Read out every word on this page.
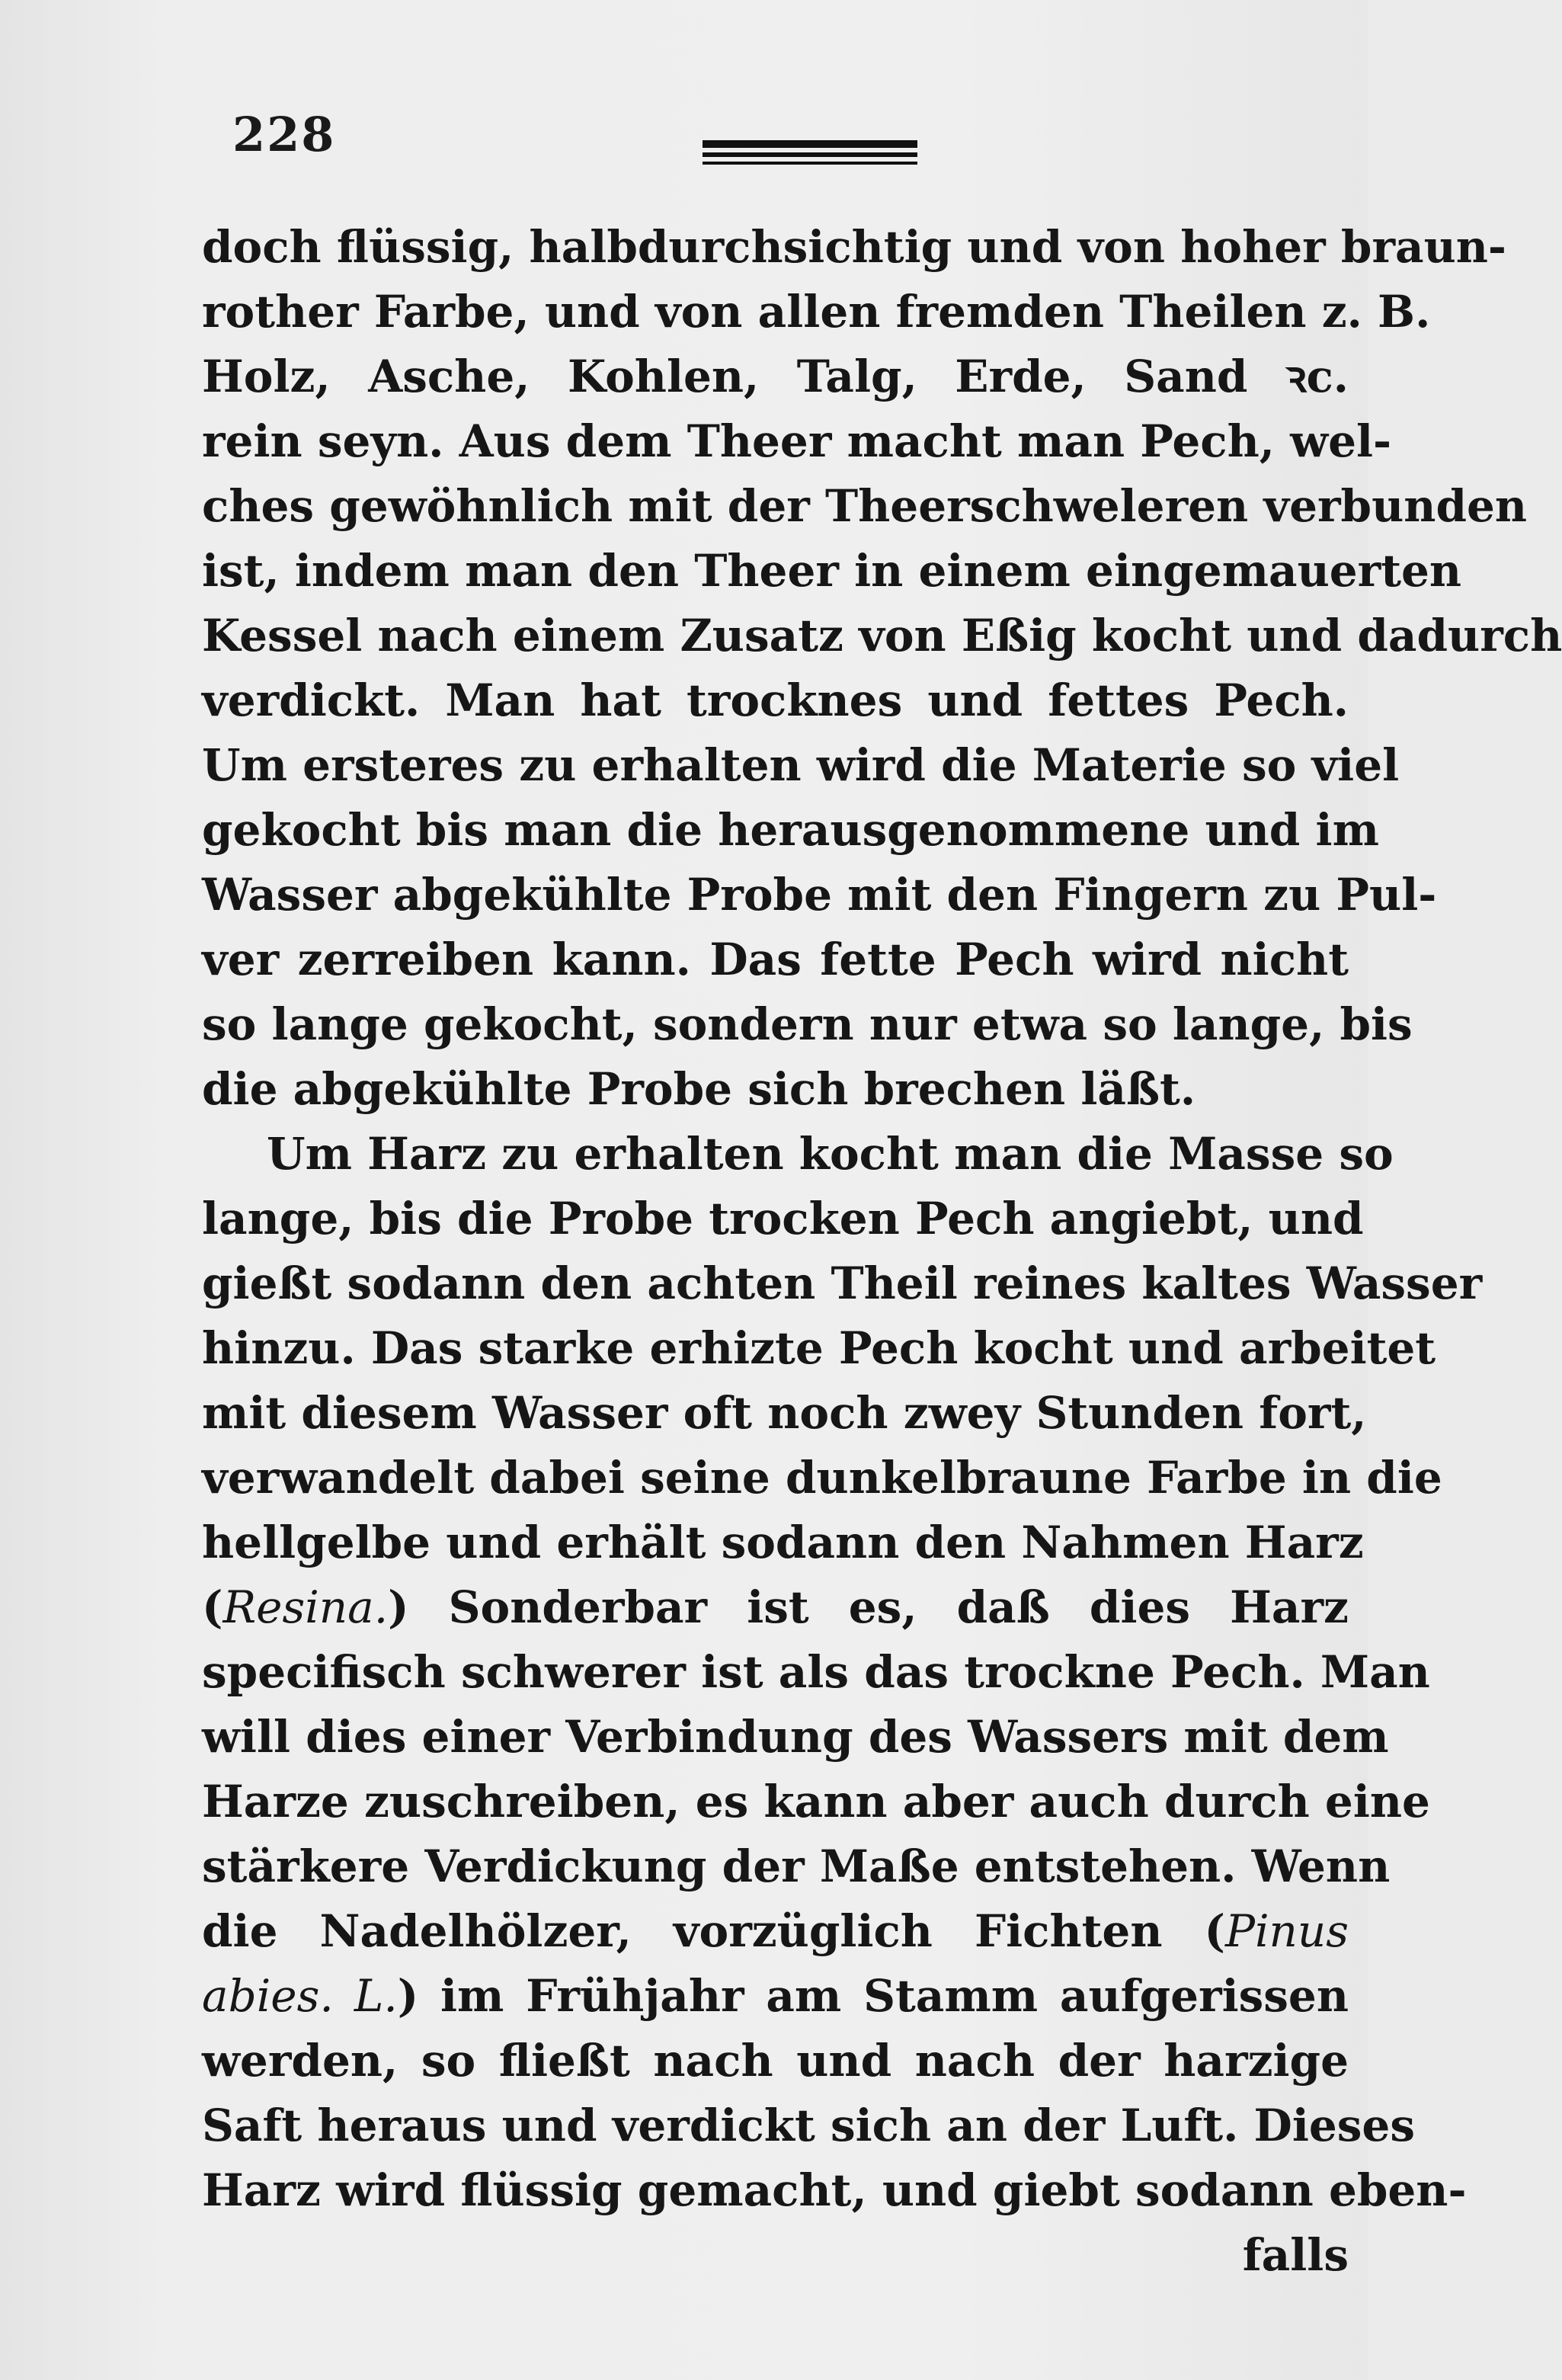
228
doch flüssig, halbdurchsichtig und von hoher braun-
rother Farbe, und von allen fremden Theilen z. B.
Holz, Asche, Kohlen, Talg, Erde, Sand ꝛc.
rein seyn. Aus dem Theer macht man Pech, wel-
ches gewöhnlich mit der Theerschweleren verbunden
ist, indem man den Theer in einem eingemauerten
Kessel nach einem Zusatz von Eßig kocht und dadurch
verdickt. Man hat trocknes und fettes Pech.
Um ersteres zu erhalten wird die Materie so viel
gekocht bis man die herausgenommene und im
Wasser abgekühlte Probe mit den Fingern zu Pul-
ver zerreiben kann. Das fette Pech wird nicht
so lange gekocht, sondern nur etwa so lange, bis
die abgekühlte Probe sich brechen läßt.
Um Harz zu erhalten kocht man die Masse so
lange, bis die Probe trocken Pech angiebt, und
gießt sodann den achten Theil reines kaltes Wasser
hinzu. Das starke erhizte Pech kocht und arbeitet
mit diesem Wasser oft noch zwey Stunden fort,
verwandelt dabei seine dunkelbraune Farbe in die
hellgelbe und erhält sodann den Nahmen Harz
(Resina.) Sonderbar ist es, daß dies Harz
specifisch schwerer ist als das trockne Pech. Man
will dies einer Verbindung des Wassers mit dem
Harze zuschreiben, es kann aber auch durch eine
stärkere Verdickung der Maße entstehen. Wenn
die Nadelhölzer, vorzüglich Fichten (Pinus
abies. L.) im Frühjahr am Stamm aufgerissen
werden, so fließt nach und nach der harzige
Saft heraus und verdickt sich an der Luft. Dieses
Harz wird flüssig gemacht, und giebt sodann eben-
falls
